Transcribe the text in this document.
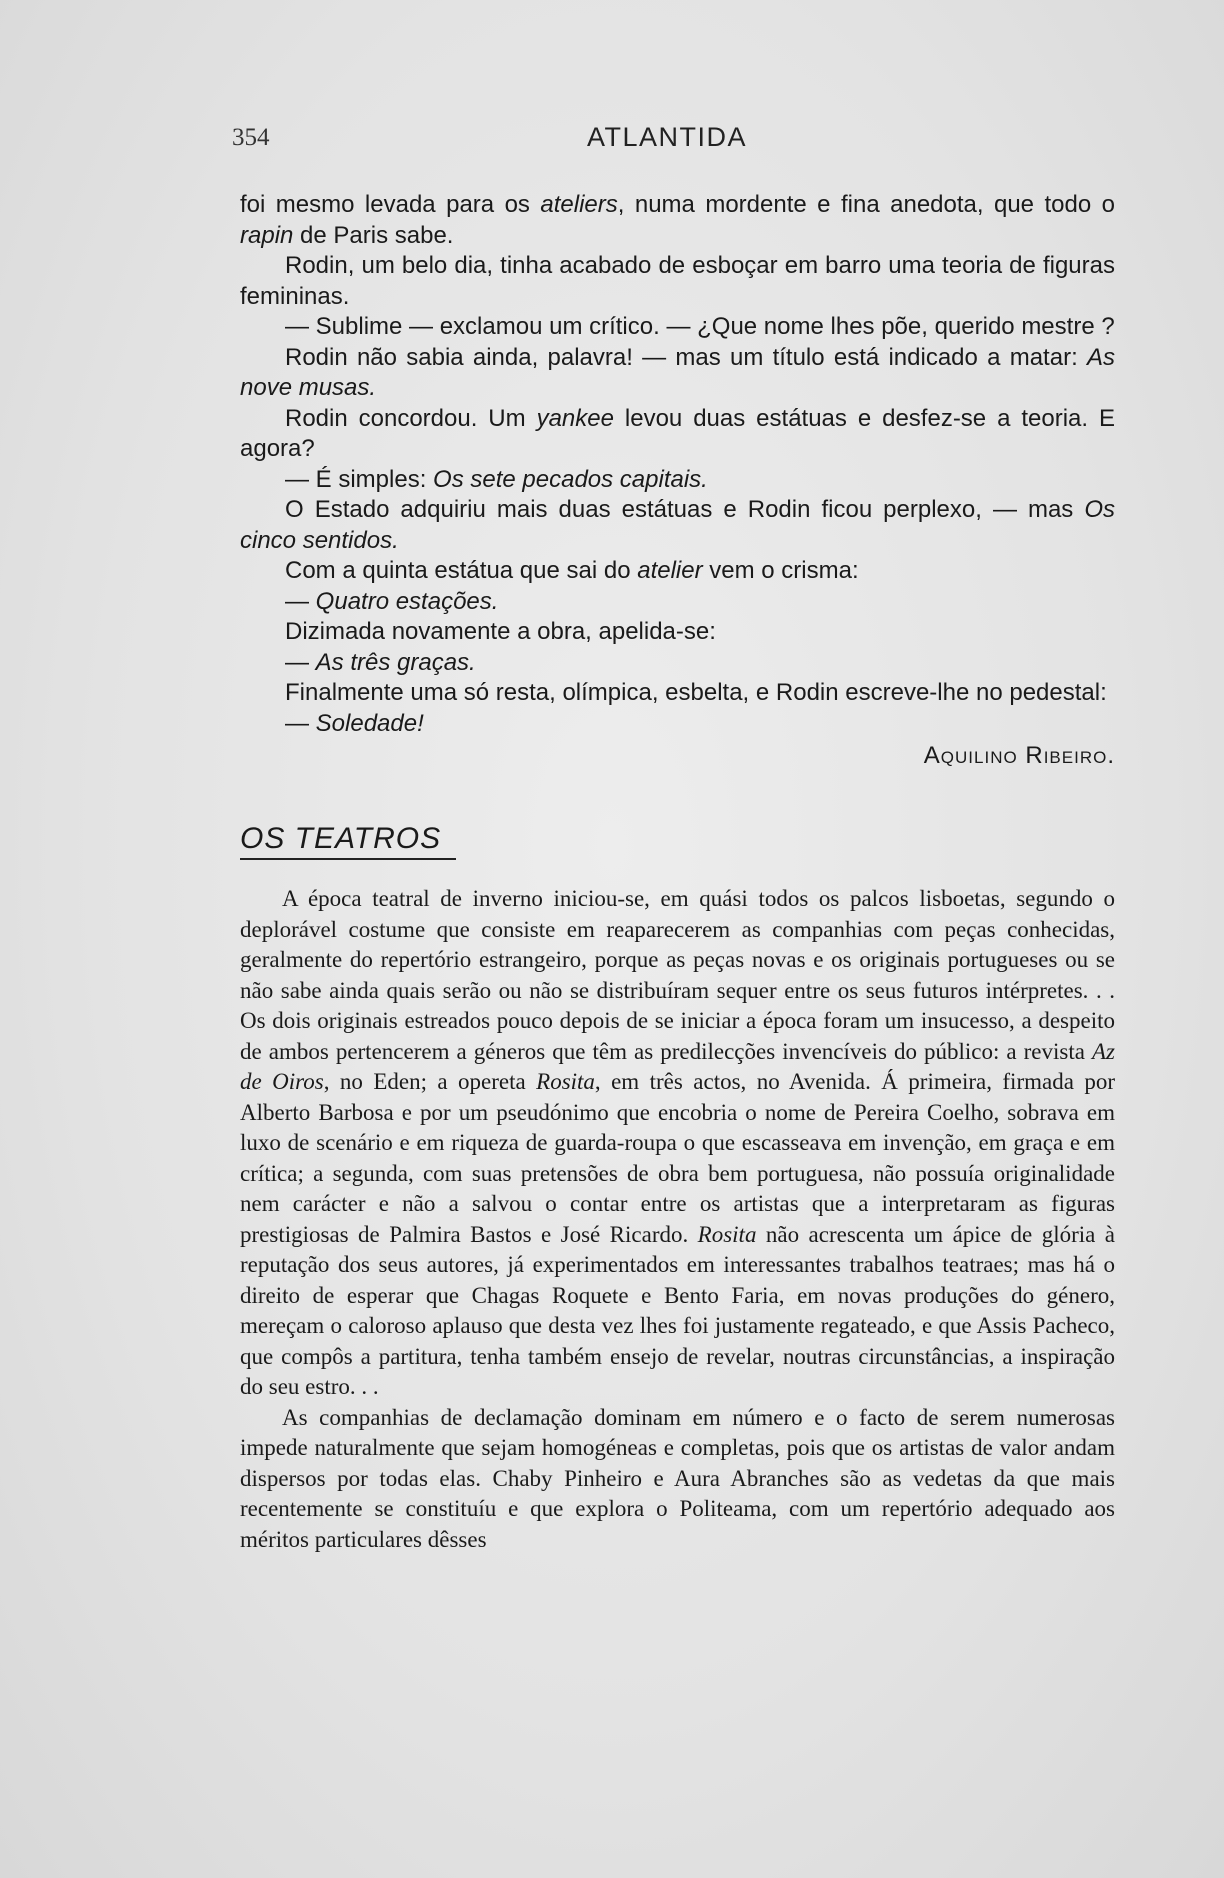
354	ATLANTIDA

foi mesmo levada para os ateliers, numa mordente e fina anedota, que todo o rapin de Paris sabe.

Rodin, um belo dia, tinha acabado de esboçar em barro uma teoria de figuras femininas.

— Sublime — exclamou um crítico. — ¿Que nome lhes põe, querido mestre ?

Rodin não sabia ainda, palavra! — mas um título está indicado a matar: As nove musas.

Rodin concordou. Um yankee levou duas estátuas e desfez-se a teoria. E agora?

— É simples: Os sete pecados capitais.

O Estado adquiriu mais duas estátuas e Rodin ficou perplexo, — mas Os cinco sentidos.

Com a quinta estátua que sai do atelier vem o crisma:

— Quatro estações.

Dizimada novamente a obra, apelida-se:

— As três graças.

Finalmente uma só resta, olímpica, esbelta, e Rodin escreve-lhe no pedestal:

— Soledade!

Aquilino Ribeiro.

OS TEATROS

A época teatral de inverno iniciou-se, em quási todos os palcos lisboetas, segundo o deplorável costume que consiste em reaparecerem as companhias com peças conhecidas, geralmente do repertório estrangeiro, porque as peças novas e os originais portugueses ou se não sabe ainda quais serão ou não se distribuíram sequer entre os seus futuros intérpretes. . . Os dois originais estreados pouco depois de se iniciar a época foram um insucesso, a despeito de ambos pertencerem a géneros que têm as predilecções invencíveis do público: a revista Az de Oiros, no Eden; a opereta Rosita, em três actos, no Avenida. Á primeira, firmada por Alberto Barbosa e por um pseudónimo que encobria o nome de Pereira Coelho, sobrava em luxo de scenário e em riqueza de guarda-roupa o que escasseava em invenção, em graça e em crítica; a segunda, com suas pretensões de obra bem portuguesa, não possuía originalidade nem carácter e não a salvou o contar entre os artistas que a interpretaram as figuras prestigiosas de Palmira Bastos e José Ricardo. Rosita não acrescenta um ápice de glória à reputação dos seus autores, já experimentados em interessantes trabalhos teatraes; mas há o direito de esperar que Chagas Roquete e Bento Faria, em novas produções do género, mereçam o caloroso aplauso que desta vez lhes foi justamente regateado, e que Assis Pacheco, que compôs a partitura, tenha também ensejo de revelar, noutras circunstâncias, a inspiração do seu estro. . .

As companhias de declamação dominam em número e o facto de serem numerosas impede naturalmente que sejam homogéneas e completas, pois que os artistas de valor andam dispersos por todas elas. Chaby Pinheiro e Aura Abranches são as vedetas da que mais recentemente se constituíu e que explora o Politeama, com um repertório adequado aos méritos particulares dêsses
